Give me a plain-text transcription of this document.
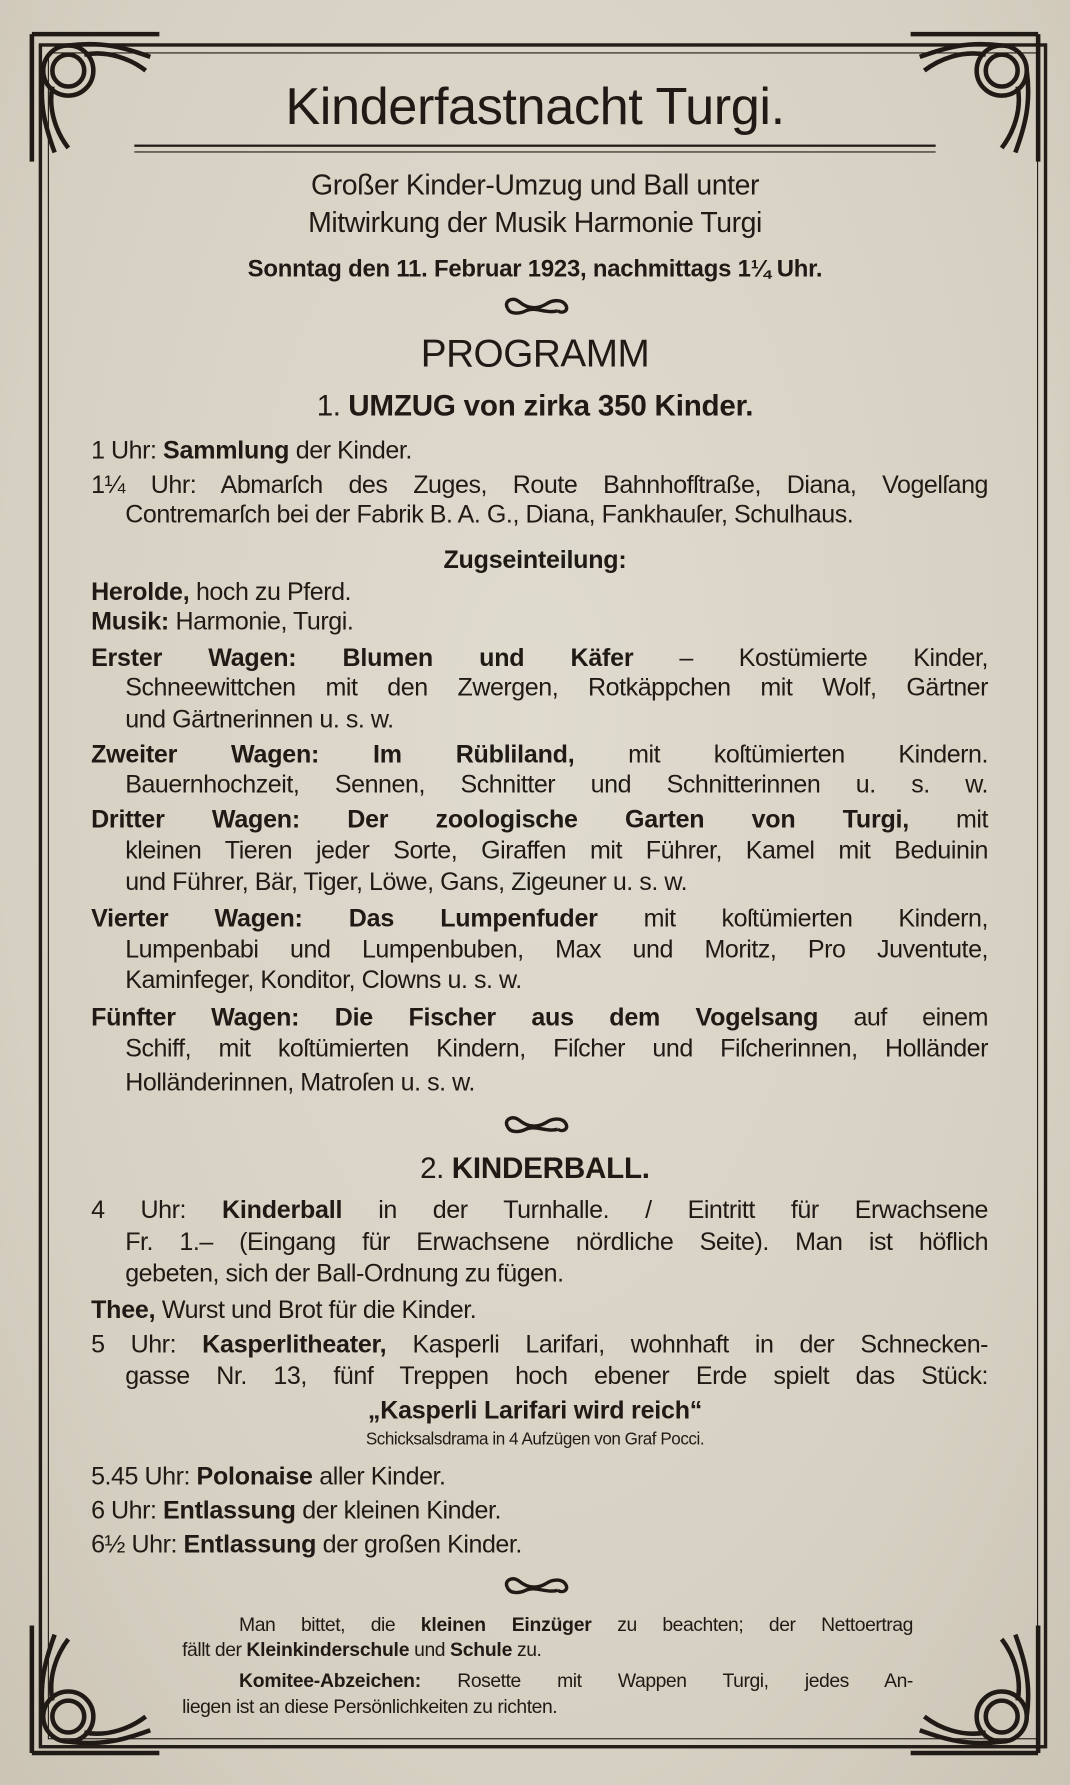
Kinderfastnacht Turgi.
Großer Kinder-Umzug und Ball unter
Mitwirkung der Musik Harmonie Turgi
Sonntag den 11. Februar 1923, nachmittags 1¼ Uhr.
PROGRAMM
1. UMZUG von zirka 350 Kinder.
1 Uhr: Sammlung der Kinder.
1¼ Uhr: Abmarſch des Zuges, Route Bahnhofſtraße, Diana, Vogelſang
Contremarſch bei der Fabrik B. A. G., Diana, Fankhauſer, Schulhaus.
Zugseinteilung:
Herolde, hoch zu Pferd.
Musik: Harmonie, Turgi.
Erster Wagen: Blumen und Käfer – Kostümierte Kinder,
Schneewittchen mit den Zwergen, Rotkäppchen mit Wolf, Gärtner
und Gärtnerinnen u. s. w.
Zweiter Wagen: Im Rübliland, mit koſtümierten Kindern.
Bauernhochzeit, Sennen, Schnitter und Schnitterinnen u. s. w.
Dritter Wagen: Der zoologische Garten von Turgi, mit
kleinen Tieren jeder Sorte, Giraffen mit Führer, Kamel mit Beduinin
und Führer, Bär, Tiger, Löwe, Gans, Zigeuner u. s. w.
Vierter Wagen: Das Lumpenfuder mit koſtümierten Kindern,
Lumpenbabi und Lumpenbuben, Max und Moritz, Pro Juventute,
Kaminfeger, Konditor, Clowns u. s. w.
Fünfter Wagen: Die Fischer aus dem Vogelsang auf einem
Schiff, mit koſtümierten Kindern, Fiſcher und Fiſcherinnen, Holländer
Holländerinnen, Matroſen u. s. w.
2. KINDERBALL.
4 Uhr: Kinderball in der Turnhalle. / Eintritt für Erwachsene
Fr. 1.– (Eingang für Erwachsene nördliche Seite). Man ist höflich
gebeten, sich der Ball-Ordnung zu fügen.
Thee, Wurst und Brot für die Kinder.
5 Uhr: Kasperlitheater, Kasperli Larifari, wohnhaft in der Schnecken-
gasse Nr. 13, fünf Treppen hoch ebener Erde spielt das Stück:
„Kasperli Larifari wird reich“
Schicksalsdrama in 4 Aufzügen von Graf Pocci.
5.45 Uhr: Polonaise aller Kinder.
6 Uhr: Entlassung der kleinen Kinder.
6½ Uhr: Entlassung der großen Kinder.
Man bittet, die kleinen Einzüger zu beachten; der Nettoertrag
fällt der Kleinkinderschule und Schule zu.
Komitee-Abzeichen: Rosette mit Wappen Turgi, jedes An-
liegen ist an diese Persönlichkeiten zu richten.
